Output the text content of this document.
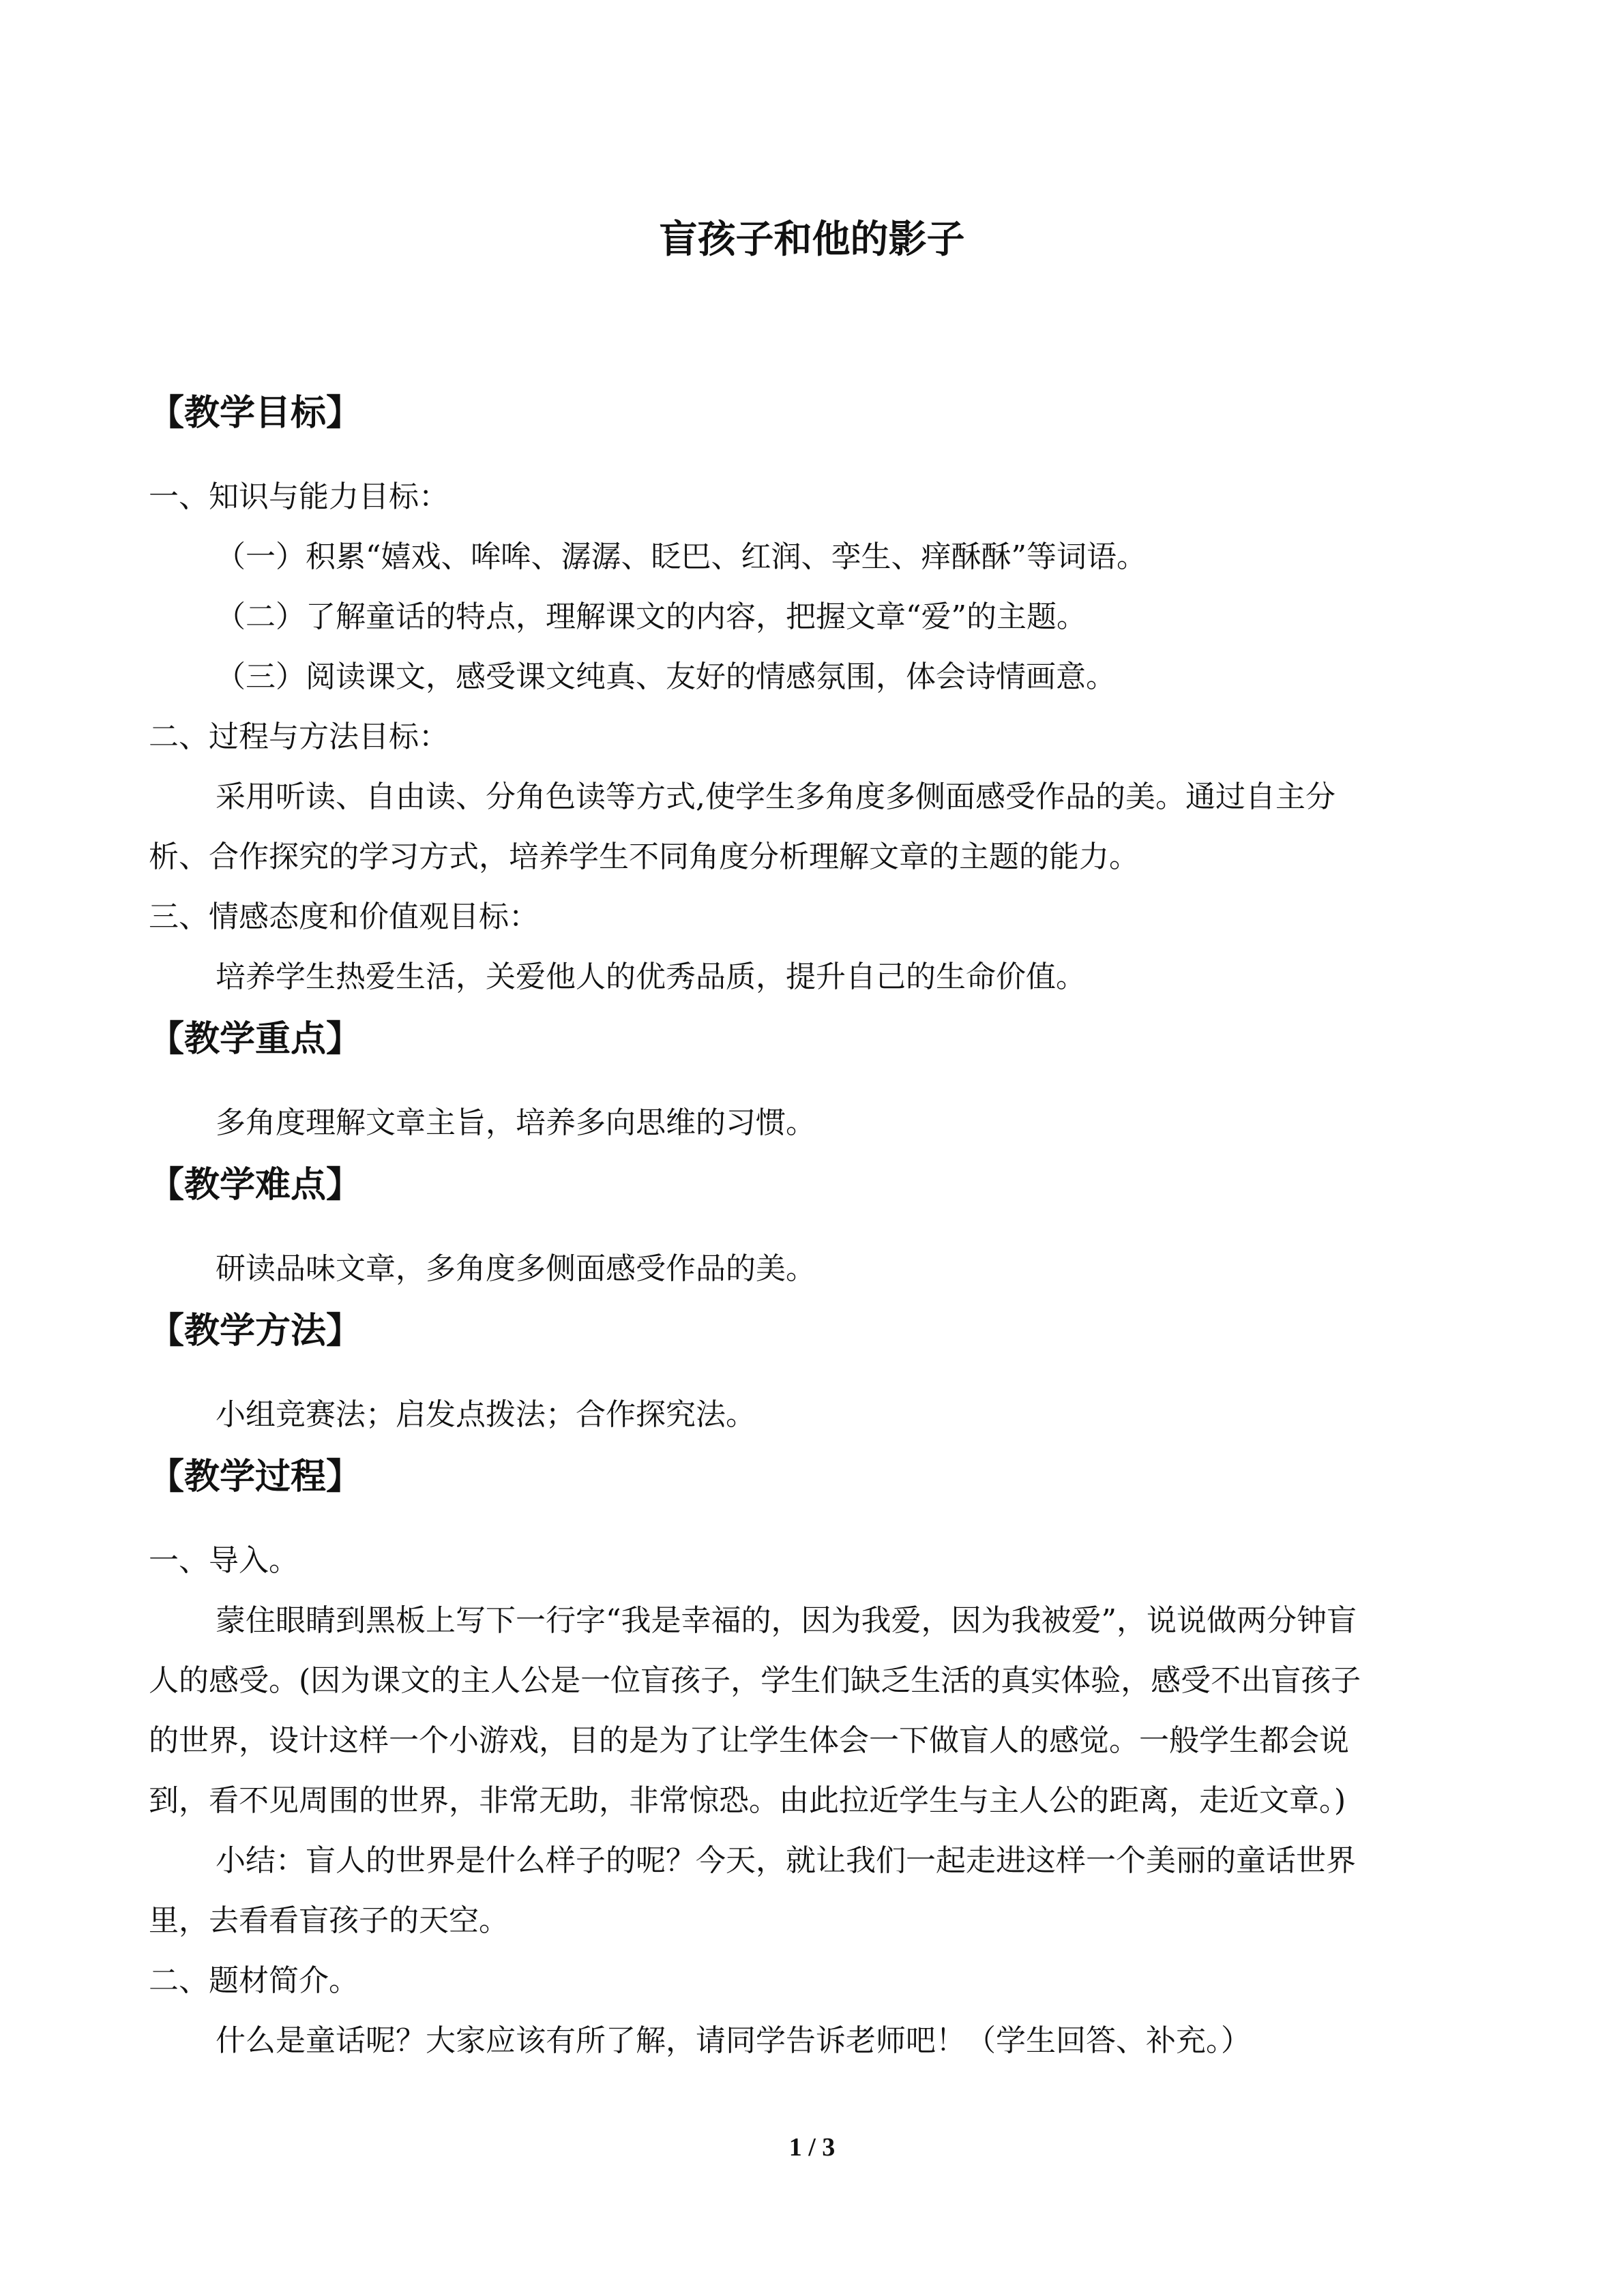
盲孩子和他的影子
【教学目标】
一、知识与能力目标：
（一）积累“嬉戏、哞哞、潺潺、眨巴、红润、孪生、痒酥酥”等词语。
（二）了解童话的特点，理解课文的内容，把握文章“爱”的主题。
（三）阅读课文，感受课文纯真、友好的情感氛围，体会诗情画意。
二、过程与方法目标：
采用听读、自由读、分角色读等方式,使学生多角度多侧面感受作品的美。通过自主分
析、合作探究的学习方式，培养学生不同角度分析理解文章的主题的能力。
三、情感态度和价值观目标：
培养学生热爱生活，关爱他人的优秀品质，提升自己的生命价值。
【教学重点】
多角度理解文章主旨，培养多向思维的习惯。
【教学难点】
研读品味文章，多角度多侧面感受作品的美。
【教学方法】
小组竞赛法；启发点拨法；合作探究法。
【教学过程】
一、导入。
蒙住眼睛到黑板上写下一行字“我是幸福的，因为我爱，因为我被爱”，说说做两分钟盲
人的感受。(因为课文的主人公是一位盲孩子，学生们缺乏生活的真实体验，感受不出盲孩子
的世界，设计这样一个小游戏，目的是为了让学生体会一下做盲人的感觉。一般学生都会说
到，看不见周围的世界，非常无助，非常惊恐。由此拉近学生与主人公的距离，走近文章。)
小结：盲人的世界是什么样子的呢？今天，就让我们一起走进这样一个美丽的童话世界
里，去看看盲孩子的天空。
二、题材简介。
什么是童话呢？大家应该有所了解，请同学告诉老师吧！（学生回答、补充。）
1 / 3
